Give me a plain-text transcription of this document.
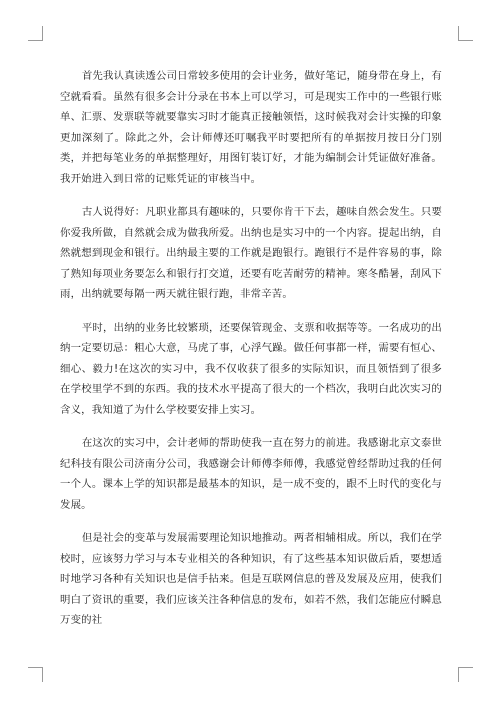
首先我认真读透公司日常较多使用的会计业务，做好笔记，随身带在身上，有空就看看。虽然有很多会计分录在书本上可以学习，可是现实工作中的一些银行账单、汇票、发票联等就要靠实习时才能真正接触领悟，这时候我对会计实操的印象更加深刻了。除此之外，会计师傅还叮嘱我平时要把所有的单据按月按日分门别类，并把每笔业务的单据整理好，用图钉装订好，才能为编制会计凭证做好准备。我开始进入到日常的记账凭证的审核当中。

古人说得好：凡职业都具有趣味的，只要你肯干下去，趣味自然会发生。只要你爱我所做，自然就会成为做我所爱。出纳也是实习中的一个内容。提起出纳，自然就想到现金和银行。出纳最主要的工作就是跑银行。跑银行不是件容易的事，除了熟知每项业务要怎么和银行打交道，还要有吃苦耐劳的精神。寒冬酷暑，刮风下雨，出纳就要每隔一两天就往银行跑，非常辛苦。

平时，出纳的业务比较繁琐，还要保管现金、支票和收据等等。一名成功的出纳一定要切忌：粗心大意，马虎了事，心浮气躁。做任何事都一样，需要有恒心、细心、毅力!在这次的实习中，我不仅收获了很多的实际知识，而且领悟到了很多在学校里学不到的东西。我的技术水平提高了很大的一个档次，我明白此次实习的含义，我知道了为什么学校要安排上实习。

在这次的实习中，会计老师的帮助使我一直在努力的前进。我感谢北京文泰世纪科技有限公司济南分公司，我感谢会计师傅李师傅，我感觉曾经帮助过我的任何一个人。课本上学的知识都是最基本的知识，是一成不变的，跟不上时代的变化与发展。

但是社会的变革与发展需要理论知识地推动。两者相辅相成。所以，我们在学校时，应该努力学习与本专业相关的各种知识，有了这些基本知识做后盾，要想适时地学习各种有关知识也是信手拈来。但是互联网信息的普及发展及应用，使我们明白了资讯的重要，我们应该关注各种信息的发布，如若不然，我们怎能应付瞬息万变的社
